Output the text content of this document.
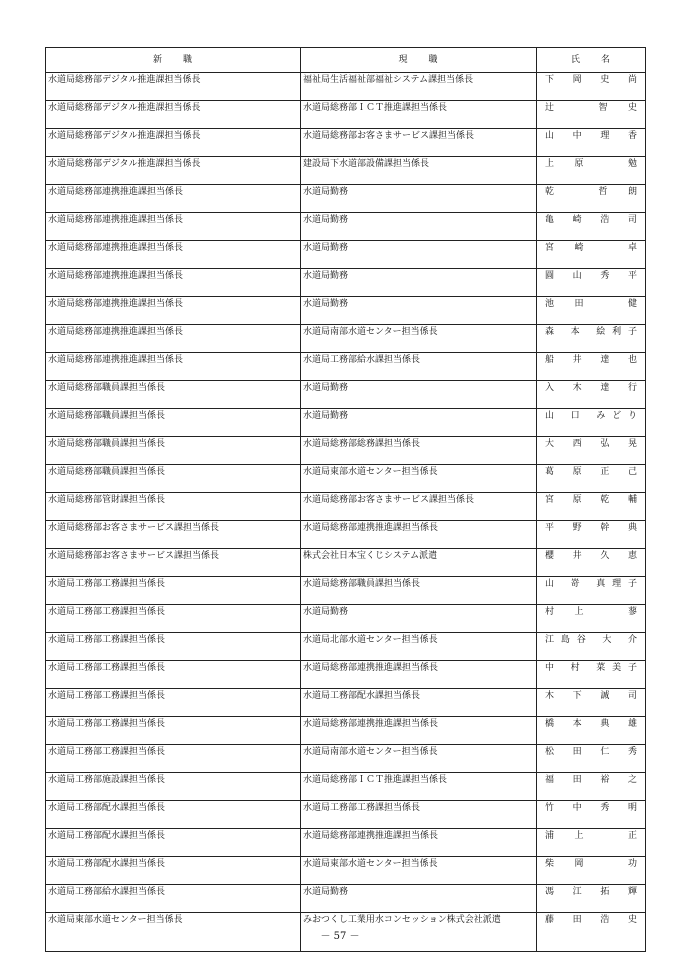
新　　職	現　　職	氏　　名
水道局総務部デジタル推進課担当係長	福祉局生活福祉部福祉システム課担当係長	下 岡 史 尚
水道局総務部デジタル推進課担当係長	水道局総務部ＩＣＴ推進課担当係長	辻　　智 史
水道局総務部デジタル推進課担当係長	水道局総務部お客さまサービス課担当係長	山 中 理 香
水道局総務部デジタル推進課担当係長	建設局下水道部設備課担当係長	上 原　　勉
水道局総務部連携推進課担当係長	水道局勤務	乾　　哲 朗
水道局総務部連携推進課担当係長	水道局勤務	亀 崎 浩 司
水道局総務部連携推進課担当係長	水道局勤務	宮 崎　　卓
水道局総務部連携推進課担当係長	水道局勤務	圓 山 秀 平
水道局総務部連携推進課担当係長	水道局勤務	池 田　　健
水道局総務部連携推進課担当係長	水道局南部水道センター担当係長	森 本 絵利子
水道局総務部連携推進課担当係長	水道局工務部給水課担当係長	船 井 達 也
水道局総務部職員課担当係長	水道局勤務	入 木 達 行
水道局総務部職員課担当係長	水道局勤務	山 口 みどり
水道局総務部職員課担当係長	水道局総務部総務課担当係長	大 西 弘 晃
水道局総務部職員課担当係長	水道局東部水道センター担当係長	葛 原 正 己
水道局総務部管財課担当係長	水道局総務部お客さまサービス課担当係長	宮 原 乾 輔
水道局総務部お客さまサービス課担当係長	水道局総務部連携推進課担当係長	平 野 幹 典
水道局総務部お客さまサービス課担当係長	株式会社日本宝くじシステム派遣	櫻 井 久 恵
水道局工務部工務課担当係長	水道局総務部職員課担当係長	山 嵜 真理子
水道局工務部工務課担当係長	水道局勤務	村 上　　蓼
水道局工務部工務課担当係長	水道局北部水道センター担当係長	江島谷 大 介
水道局工務部工務課担当係長	水道局総務部連携推進課担当係長	中 村 菜美子
水道局工務部工務課担当係長	水道局工務部配水課担当係長	木 下 誠 司
水道局工務部工務課担当係長	水道局総務部連携推進課担当係長	橋 本 典 雄
水道局工務部工務課担当係長	水道局南部水道センター担当係長	松 田 仁 秀
水道局工務部施設課担当係長	水道局総務部ＩＣＴ推進課担当係長	福 田 裕 之
水道局工務部配水課担当係長	水道局工務部工務課担当係長	竹 中 秀 明
水道局工務部配水課担当係長	水道局総務部連携推進課担当係長	浦 上　　正
水道局工務部配水課担当係長	水道局東部水道センター担当係長	柴 岡　　功
水道局工務部給水課担当係長	水道局勤務	馮 江 拓 輝
水道局東部水道センター担当係長	みおつくし工業用水コンセッション株式会社派遣	藤 田 浩 史
－ 57 －
